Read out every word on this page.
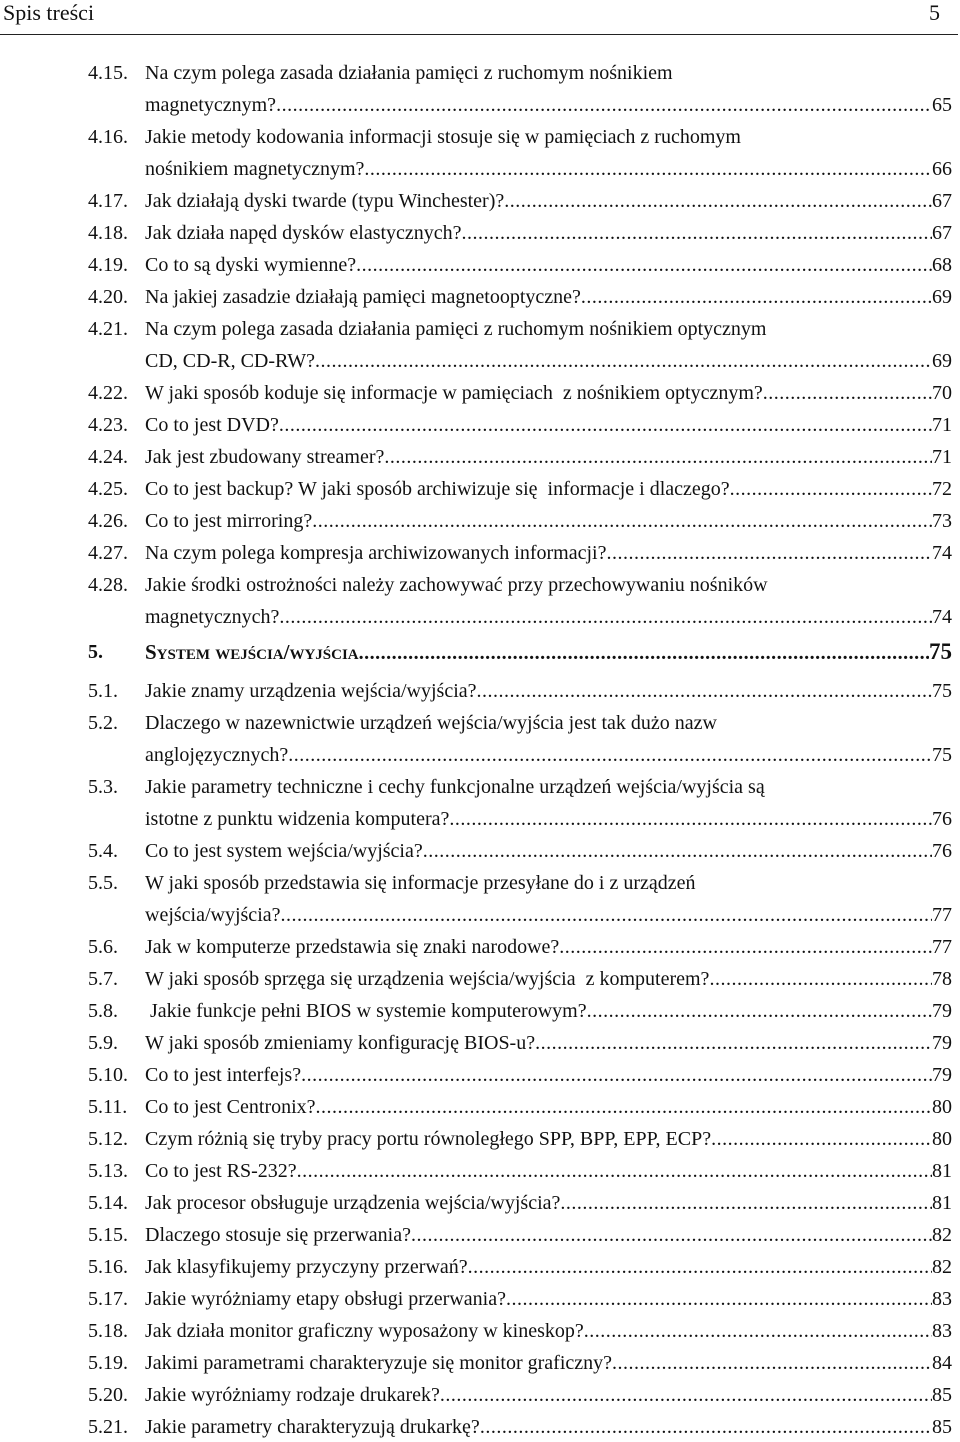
Spis treści	5
4.15. Na czym polega zasada działania pamięci z ruchomym nośnikiem
magnetycznym? .....	65
4.16. Jakie metody kodowania informacji stosuje się w pamięciach z ruchomym
nośnikiem magnetycznym? .....	66
4.17. Jak działają dyski twarde (typu Winchester)? .....	67
4.18. Jak działa napęd dysków elastycznych? .....	67
4.19. Co to są dyski wymienne? .....	68
4.20. Na jakiej zasadzie działają pamięci magnetooptyczne? .....	69
4.21. Na czym polega zasada działania pamięci z ruchomym nośnikiem optycznym
CD, CD-R, CD-RW? .....	69
4.22. W jaki sposób koduje się informacje w pamięciach  z nośnikiem optycznym? .....	70
4.23. Co to jest DVD? .....	71
4.24. Jak jest zbudowany streamer? .....	71
4.25. Co to jest backup? W jaki sposób archiwizuje się  informacje i dlaczego? .....	72
4.26. Co to jest mirroring? .....	73
4.27. Na czym polega kompresja archiwizowanych informacji? .....	74
4.28. Jakie środki ostrożności należy zachowywać przy przechowywaniu nośników
magnetycznych? .....	74
5. System wejścia/wyjścia .....	75
5.1. Jakie znamy urządzenia wejścia/wyjścia? .....	75
5.2. Dlaczego w nazewnictwie urządzeń wejścia/wyjścia jest tak dużo nazw
anglojęzycznych? .....	75
5.3. Jakie parametry techniczne i cechy funkcjonalne urządzeń wejścia/wyjścia są
istotne z punktu widzenia komputera? .....	76
5.4. Co to jest system wejścia/wyjścia? .....	76
5.5. W jaki sposób przedstawia się informacje przesyłane do i z urządzeń
wejścia/wyjścia? .....	77
5.6. Jak w komputerze przedstawia się znaki narodowe? .....	77
5.7. W jaki sposób sprzęga się urządzenia wejścia/wyjścia  z komputerem? .....	78
5.8. Jakie funkcje pełni BIOS w systemie komputerowym? .....	79
5.9. W jaki sposób zmieniamy konfigurację BIOS-u? .....	79
5.10. Co to jest interfejs? .....	79
5.11. Co to jest Centronix? .....	80
5.12. Czym różnią się tryby pracy portu równoległego SPP, BPP, EPP, ECP? .....	80
5.13. Co to jest RS-232? .....	81
5.14. Jak procesor obsługuje urządzenia wejścia/wyjścia? .....	81
5.15. Dlaczego stosuje się przerwania? .....	82
5.16. Jak klasyfikujemy przyczyny przerwań? .....	82
5.17. Jakie wyróżniamy etapy obsługi przerwania? .....	83
5.18. Jak działa monitor graficzny wyposażony w kineskop? .....	83
5.19. Jakimi parametrami charakteryzuje się monitor graficzny? .....	84
5.20. Jakie wyróżniamy rodzaje drukarek? .....	85
5.21. Jakie parametry charakteryzują drukarkę? .....	85
